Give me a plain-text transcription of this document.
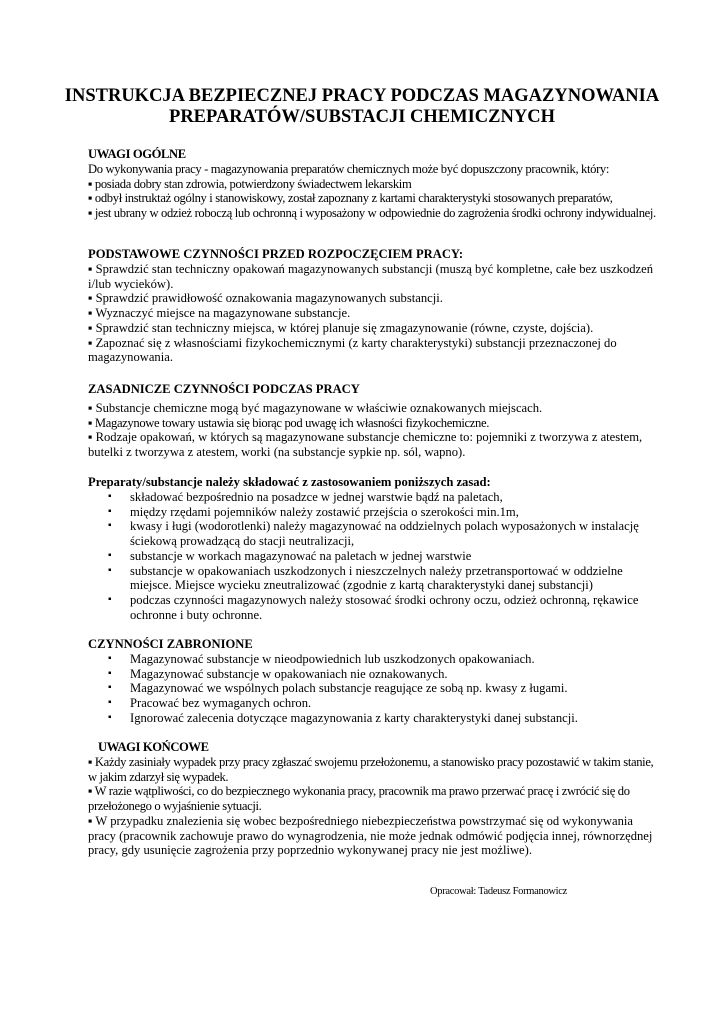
INSTRUKCJA BEZPIECZNEJ PRACY PODCZAS MAGAZYNOWANIA
PREPARATÓW/SUBSTACJI CHEMICZNYCH
UWAGI OGÓLNE
Do wykonywania pracy - magazynowania preparatów chemicznych może być dopuszczony pracownik, który:
▪ posiada dobry stan zdrowia, potwierdzony świadectwem lekarskim
▪ odbył instruktaż ogólny i stanowiskowy, został zapoznany z kartami charakterystyki stosowanych preparatów,
▪ jest ubrany w odzież roboczą lub ochronną i wyposażony w odpowiednie do zagrożenia środki ochrony indywidualnej.
PODSTAWOWE CZYNNOŚCI PRZED ROZPOCZĘCIEM PRACY:
▪ Sprawdzić stan techniczny opakowań magazynowanych substancji (muszą być kompletne, całe bez uszkodzeń i/lub wycieków).
▪ Sprawdzić prawidłowość oznakowania magazynowanych substancji.
▪ Wyznaczyć miejsce na magazynowane substancje.
▪ Sprawdzić stan techniczny miejsca, w której planuje się zmagazynowanie (równe, czyste, dojścia).
▪ Zapoznać się z własnościami fizykochemicznymi (z karty charakterystyki) substancji przeznaczonej do magazynowania.
ZASADNICZE CZYNNOŚCI PODCZAS PRACY
▪ Substancje chemiczne mogą być magazynowane w właściwie oznakowanych miejscach.
▪ Magazynowe towary ustawia się biorąc pod uwagę ich własności fizykochemiczne.
▪ Rodzaje opakowań, w których są magazynowane substancje chemiczne to: pojemniki z tworzywa z atestem, butelki z tworzywa z atestem, worki (na substancje sypkie np. sól, wapno).
Preparaty/substancje należy składować z zastosowaniem poniższych zasad:
▪ składować bezpośrednio na posadzce w jednej warstwie bądź na paletach,
▪ między rzędami pojemników należy zostawić przejścia o szerokości min.1m,
▪ kwasy i ługi (wodorotlenki) należy magazynować na oddzielnych polach wyposażonych w instalację ściekową prowadzącą do stacji neutralizacji,
▪ substancje w workach magazynować na paletach w jednej warstwie
▪ substancje w opakowaniach uszkodzonych i nieszczelnych należy przetransportować w oddzielne miejsce. Miejsce wycieku zneutralizować (zgodnie z kartą charakterystyki danej substancji)
▪ podczas czynności magazynowych należy stosować środki ochrony oczu, odzież ochronną, rękawice ochronne i buty ochronne.
CZYNNOŚCI ZABRONIONE
▪ Magazynować substancje w nieodpowiednich lub uszkodzonych opakowaniach.
▪ Magazynować substancje w opakowaniach nie oznakowanych.
▪ Magazynować we wspólnych polach substancje reagujące ze sobą np. kwasy z ługami.
▪ Pracować bez wymaganych ochron.
▪ Ignorować zalecenia dotyczące magazynowania z karty charakterystyki danej substancji.
UWAGI KOŃCOWE
▪ Każdy zasiniały wypadek przy pracy zgłaszać swojemu przełożonemu, a stanowisko pracy pozostawić w takim stanie, w jakim zdarzył się wypadek.
▪ W razie wątpliwości, co do bezpiecznego wykonania pracy, pracownik ma prawo przerwać pracę i zwrócić się do przełożonego o wyjaśnienie sytuacji.
▪ W przypadku znalezienia się wobec bezpośredniego niebezpieczeństwa powstrzymać się od wykonywania pracy (pracownik zachowuje prawo do wynagrodzenia, nie może jednak odmówić podjęcia innej, równorzędnej pracy, gdy usunięcie zagrożenia przy poprzednio wykonywanej pracy nie jest możliwe).
Opracował: Tadeusz Formanowicz
